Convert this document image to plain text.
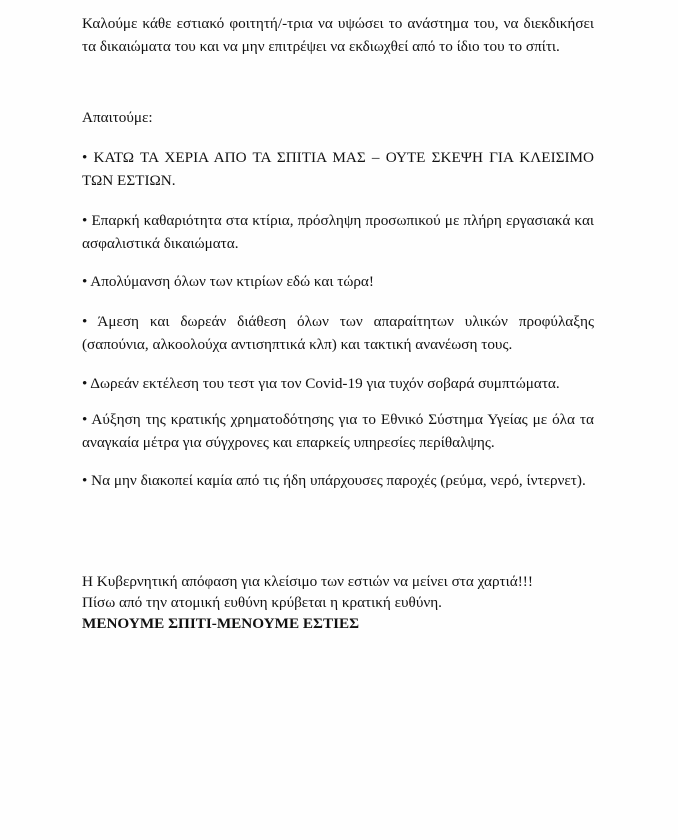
Καλούμε κάθε εστιακό φοιτητή/-τρια να υψώσει το ανάστημα του, να διεκδικήσει τα δικαιώματα του και να μην επιτρέψει να εκδιωχθεί από το ίδιο του το σπίτι.

Απαιτούμε:

• ΚΑΤΩ ΤΑ ΧΕΡΙΑ ΑΠΟ ΤΑ ΣΠΙΤΙΑ ΜΑΣ – ΟΥΤΕ ΣΚΕΨΗ ΓΙΑ ΚΛΕΙΣΙΜΟ ΤΩΝ ΕΣΤΙΩΝ.

• Επαρκή καθαριότητα στα κτίρια, πρόσληψη προσωπικού με πλήρη εργασιακά και ασφαλιστικά δικαιώματα.

• Απολύμανση όλων των κτιρίων εδώ και τώρα!

• Άμεση και δωρεάν διάθεση όλων των απαραίτητων υλικών προφύλαξης (σαπούνια, αλκοολούχα αντισηπτικά κλπ) και τακτική ανανέωση τους.

• Δωρεάν εκτέλεση του τεστ για τον Covid-19 για τυχόν σοβαρά συμπτώματα.

• Αύξηση της κρατικής χρηματοδότησης για το Εθνικό Σύστημα Υγείας με όλα τα αναγκαία μέτρα για σύγχρονες και επαρκείς υπηρεσίες περίθαλψης.

• Να μην διακοπεί καμία από τις ήδη υπάρχουσες παροχές (ρεύμα, νερό, ίντερνετ).

Η Κυβερνητική απόφαση για κλείσιμο των εστιών να μείνει στα χαρτιά!!!
Πίσω από την ατομική ευθύνη κρύβεται η κρατική ευθύνη.
ΜΕΝΟΥΜΕ ΣΠΙΤΙ-ΜΕΝΟΥΜΕ ΕΣΤΙΕΣ
